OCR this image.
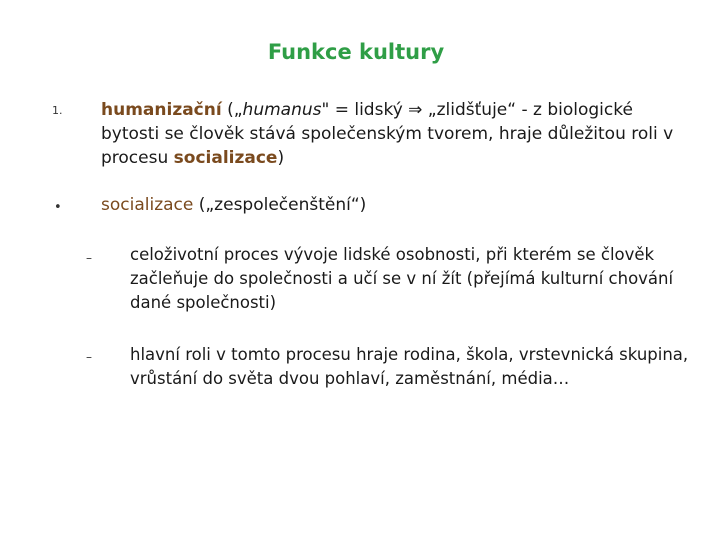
Funkce kultury
1. humanizační („humanus" = lidský ⇒ „zlidšťuje“ - z biologické bytosti se člověk stává společenským tvorem, hraje důležitou roli v procesu socializace)
• socializace („zespolečenštění“)
– celoživotní proces vývoje lidské osobnosti, při kterém se člověk začleňuje do společnosti a učí se v ní žít (přejímá kulturní chování dané společnosti)
– hlavní roli v tomto procesu hraje rodina, škola, vrstevnická skupina, vrůstání do světa dvou pohlaví, zaměstnání, média…
